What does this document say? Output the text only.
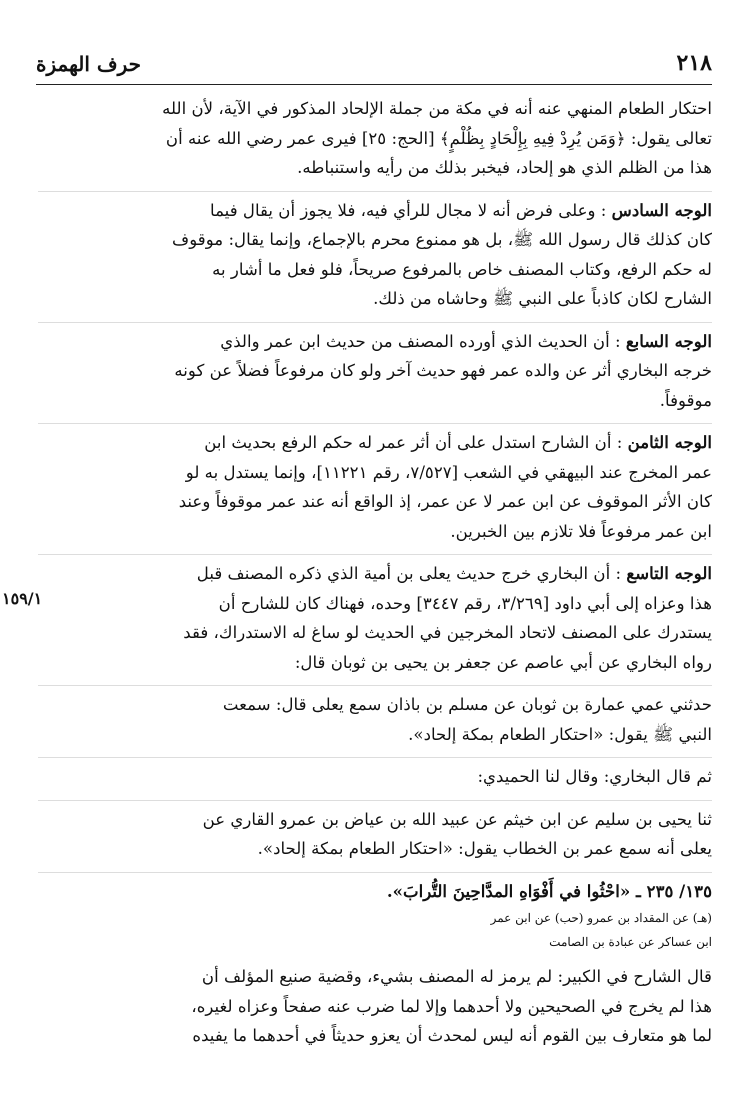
٢١٨
حرف الهمزة
١٥٩/١
احتكار الطعام المنهي عنه أنه في مكة من جملة الإلحاد المذكور في الآية، لأن الله
تعالى يقول: ﴿وَمَن يُرِدْ فِيهِ بِإِلْحَادٍ بِظُلْمٍ﴾ [الحج: ٢٥] فيرى عمر رضي الله عنه أن
هذا من الظلم الذي هو إلحاد، فيخبر بذلك من رأيه واستنباطه.
الوجه السادس : وعلى فرض أنه لا مجال للرأي فيه، فلا يجوز أن يقال فيما
كان كذلك قال رسول الله ﷺ، بل هو ممنوع محرم بالإجماع، وإنما يقال: موقوف
له حكم الرفع، وكتاب المصنف خاص بالمرفوع صريحاً، فلو فعل ما أشار به
الشارح لكان كاذباً على النبي ﷺ وحاشاه من ذلك.
الوجه السابع : أن الحديث الذي أورده المصنف من حديث ابن عمر والذي
خرجه البخاري أثر عن والده عمر فهو حديث آخر ولو كان مرفوعاً فضلاً عن كونه
موقوفاً.
الوجه الثامن : أن الشارح استدل على أن أثر عمر له حكم الرفع بحديث ابن
عمر المخرج عند البيهقي في الشعب [٧/٥٢٧، رقم ١١٢٢١]، وإنما يستدل به لو
كان الأثر الموقوف عن ابن عمر لا عن عمر، إذ الواقع أنه عند عمر موقوفاً وعند
ابن عمر مرفوعاً فلا تلازم بين الخبرين.
الوجه التاسع : أن البخاري خرج حديث يعلى بن أمية الذي ذكره المصنف قبل
هذا وعزاه إلى أبي داود [٣/٢٦٩، رقم ٣٤٤٧] وحده، فهناك كان للشارح أن
يستدرك على المصنف لاتحاد المخرجين في الحديث لو ساغ له الاستدراك، فقد
رواه البخاري عن أبي عاصم عن جعفر بن يحيى بن ثوبان قال:
حدثني عمي عمارة بن ثوبان عن مسلم بن باذان سمع يعلى قال: سمعت
النبي ﷺ يقول: «احتكار الطعام بمكة إلحاد».
ثم قال البخاري: وقال لنا الحميدي:
ثنا يحيى بن سليم عن ابن خيثم عن عبيد الله بن عياض بن عمرو القاري عن
يعلى أنه سمع عمر بن الخطاب يقول: «احتكار الطعام بمكة إلحاد».
١٣٥/ ٢٣٥ ـ «احْثُوا في أَفْوَاهِ المدَّاحِينَ التُّرابَ».
(هـ) عن المقداد بن عمرو (حب) عن ابن عمر
ابن عساكر عن عبادة بن الصامت
قال الشارح في الكبير: لم يرمز له المصنف بشيء، وقضية صنيع المؤلف أن
هذا لم يخرج في الصحيحين ولا أحدهما وإلا لما ضرب عنه صفحاً وعزاه لغيره،
لما هو متعارف بين القوم أنه ليس لمحدث أن يعزو حديثاً في أحدهما ما يفيده
